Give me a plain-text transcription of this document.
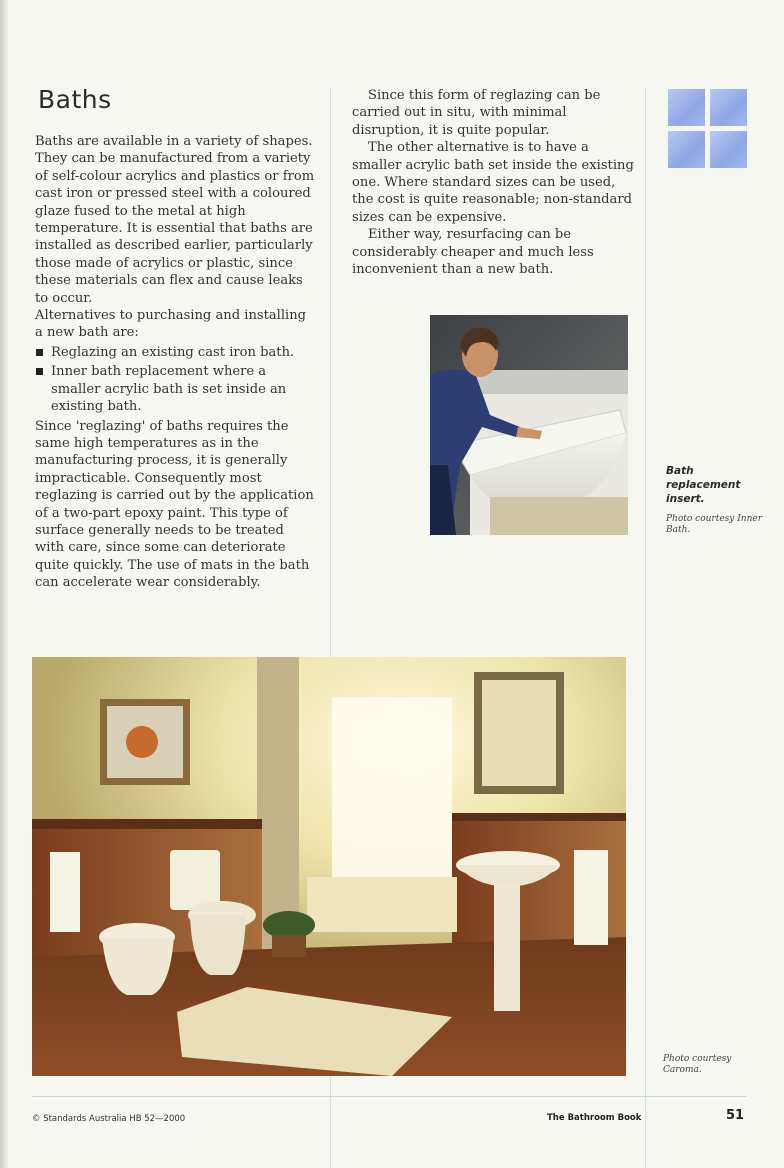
Baths

Baths are available in a variety of shapes. They can be manufactured from a variety of self-colour acrylics and plastics or from cast iron or pressed steel with a coloured glaze fused to the metal at high temperature. It is essential that baths are installed as described earlier, particularly those made of acrylics or plastic, since these materials can flex and cause leaks to occur.

Alternatives to purchasing and installing a new bath are:

Reglazing an existing cast iron bath.
Inner bath replacement where a smaller acrylic bath is set inside an existing bath.

Since 'reglazing' of baths requires the same high temperatures as in the manufacturing process, it is generally impracticable. Consequently most reglazing is carried out by the application of a two-part epoxy paint. This type of surface generally needs to be treated with care, since some can deteriorate quite quickly. The use of mats in the bath can accelerate wear considerably.

Since this form of reglazing can be carried out in situ, with minimal disruption, it is quite popular.

The other alternative is to have a smaller acrylic bath set inside the existing one. Where standard sizes can be used, the cost is quite reasonable; non-standard sizes can be expensive.

Either way, resurfacing can be considerably cheaper and much less inconvenient than a new bath.

Bath replacement insert.
Photo courtesy Inner Bath.
Photo courtesy Caroma.
© Standards Australia HB 52—2000	The Bathroom Book	51
